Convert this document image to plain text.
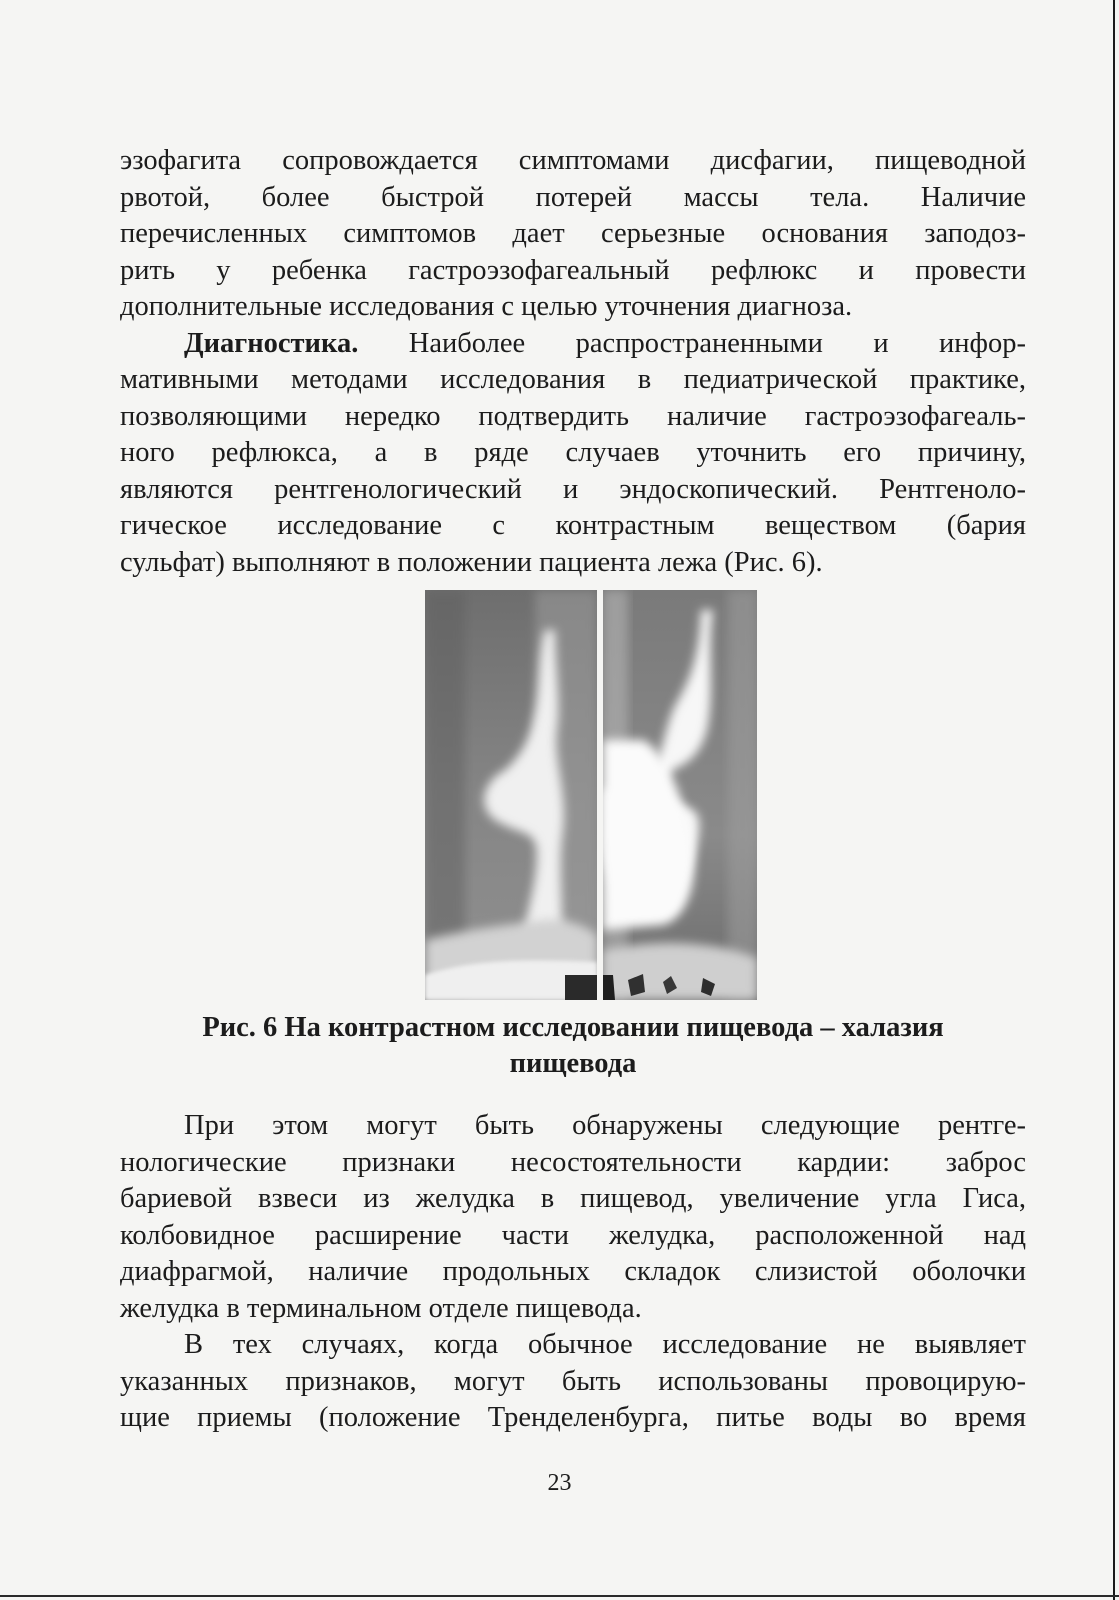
эзофагита сопровождается симптомами дисфагии, пищеводной

рвотой, более быстрой потерей массы тела. Наличие

перечисленных симптомов дает серьезные основания заподоз-

рить у ребенка гастроэзофагеальный рефлюкс и провести

дополнительные исследования с целью уточнения диагноза.

Диагностика. Наиболее распространенными и инфор-

мативными методами исследования в педиатрической практике,

позволяющими нередко подтвердить наличие гастроэзофагеаль-

ного рефлюкса, а в ряде случаев уточнить его причину,

являются рентгенологический и эндоскопический. Рентгеноло-

гическое исследование с контрастным веществом (бария

сульфат) выполняют в положении пациента лежа (Рис. 6).

Рис. 6 На контрастном исследовании пищевода – халазия
пищевода

При этом могут быть обнаружены следующие рентге-

нологические признаки несостоятельности кардии: заброс

бариевой взвеси из желудка в пищевод, увеличение угла Гиса,

колбовидное расширение части желудка, расположенной над

диафрагмой, наличие продольных складок слизистой оболочки

желудка в терминальном отделе пищевода.

В тех случаях, когда обычное исследование не выявляет

указанных признаков, могут быть использованы провоцирую-

щие приемы (положение Тренделенбурга, питье воды во время

23
